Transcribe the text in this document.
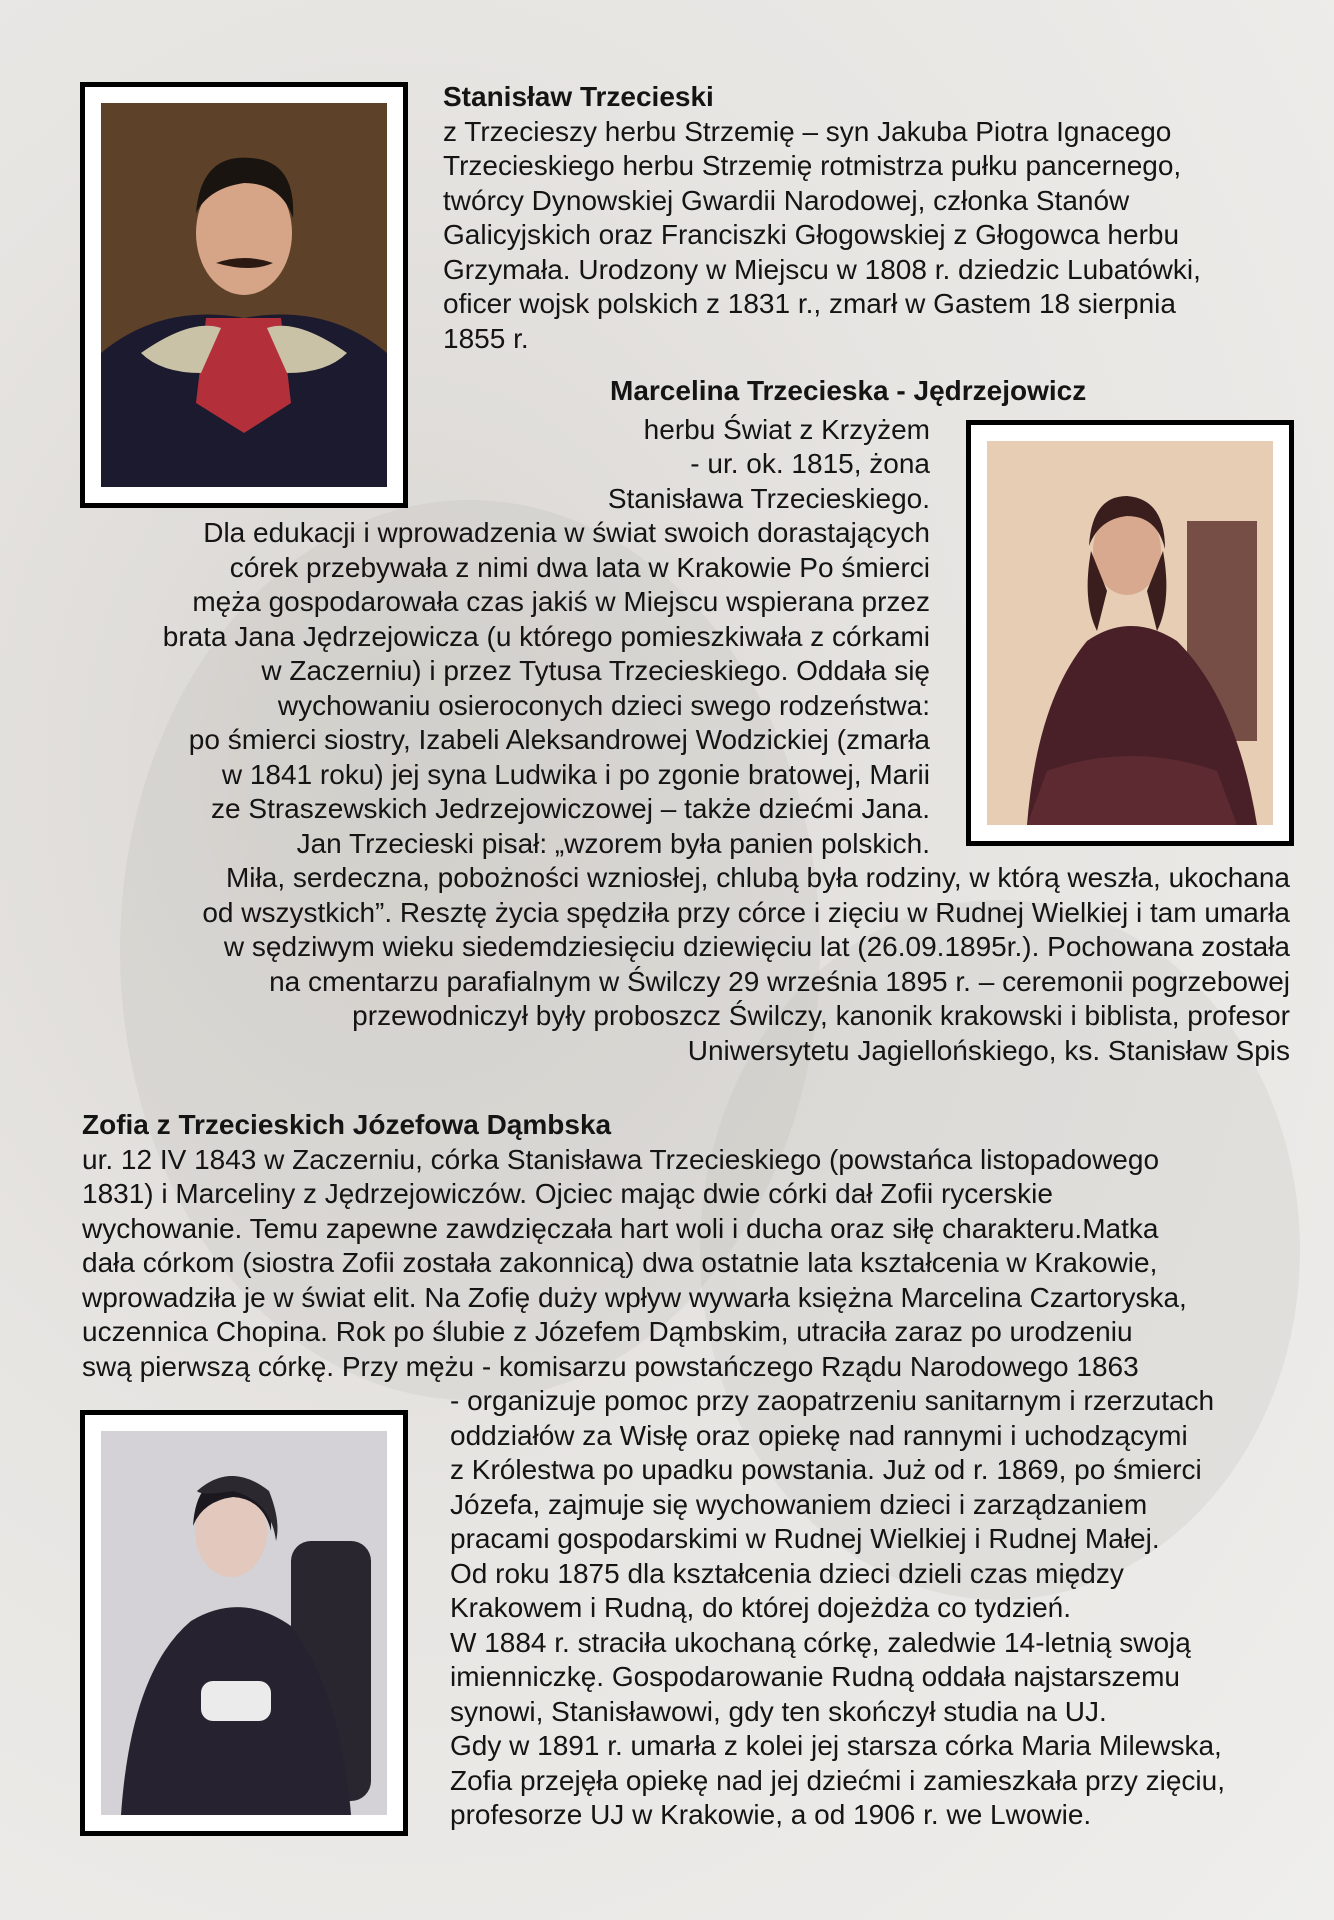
Stanisław Trzecieski
z Trzecieszy herbu Strzemię – syn Jakuba Piotra Ignacego
Trzecieskiego herbu Strzemię rotmistrza pułku pancernego,
twórcy Dynowskiej Gwardii Narodowej, członka Stanów
Galicyjskich oraz Franciszki Głogowskiej z Głogowca herbu
Grzymała. Urodzony w Miejscu w 1808 r. dziedzic Lubatówki,
oficer wojsk polskich z 1831 r., zmarł w Gastem 18 sierpnia
1855 r.
Marcelina Trzecieska - Jędrzejowicz
herbu Świat z Krzyżem
- ur. ok. 1815, żona
Stanisława Trzecieskiego.
Dla edukacji i wprowadzenia w świat swoich dorastających
córek przebywała z nimi dwa lata w Krakowie Po śmierci
męża gospodarowała czas jakiś w Miejscu wspierana przez
brata Jana Jędrzejowicza (u którego pomieszkiwała z córkami
w Zaczerniu) i przez Tytusa Trzecieskiego. Oddała się
wychowaniu osieroconych dzieci swego rodzeństwa:
po śmierci siostry, Izabeli Aleksandrowej Wodzickiej (zmarła
w 1841 roku) jej syna Ludwika i po zgonie bratowej, Marii
ze Straszewskich Jedrzejowiczowej – także dziećmi Jana.
Jan Trzecieski pisał: „wzorem była panien polskich.
Miła, serdeczna, pobożności wzniosłej, chlubą była rodziny, w którą weszła, ukochana
od wszystkich”. Resztę życia spędziła przy córce i zięciu w Rudnej Wielkiej i tam umarła
w sędziwym wieku siedemdziesięciu dziewięciu lat (26.09.1895r.). Pochowana została
na cmentarzu parafialnym w Świlczy 29 września 1895 r. – ceremonii pogrzebowej
przewodniczył były proboszcz Świlczy, kanonik krakowski i biblista, profesor
Uniwersytetu Jagiellońskiego, ks. Stanisław Spis
Zofia z Trzecieskich Józefowa Dąmbska
ur. 12 IV 1843 w Zaczerniu, córka Stanisława Trzecieskiego (powstańca listopadowego
1831) i Marceliny z Jędrzejowiczów. Ojciec mając dwie córki dał Zofii rycerskie
wychowanie. Temu zapewne zawdzięczała hart woli i ducha oraz siłę charakteru.Matka
dała córkom (siostra Zofii została zakonnicą) dwa ostatnie lata kształcenia w Krakowie,
wprowadziła je w świat elit. Na Zofię duży wpływ wywarła księżna Marcelina Czartoryska,
uczennica Chopina. Rok po ślubie z Józefem Dąmbskim, utraciła zaraz po urodzeniu
swą pierwszą córkę. Przy mężu - komisarzu powstańczego Rządu Narodowego 1863
- organizuje pomoc przy zaopatrzeniu sanitarnym i rzerzutach
oddziałów za Wisłę oraz opiekę nad rannymi i uchodzącymi
z Królestwa po upadku powstania. Już od r. 1869, po śmierci
Józefa, zajmuje się wychowaniem dzieci i zarządzaniem
pracami gospodarskimi w Rudnej Wielkiej i Rudnej Małej.
Od roku 1875 dla kształcenia dzieci dzieli czas między
Krakowem i Rudną, do której dojeżdża co tydzień.
W 1884 r. straciła ukochaną córkę, zaledwie 14-letnią swoją
imienniczkę. Gospodarowanie Rudną oddała najstarszemu
synowi, Stanisławowi, gdy ten skończył studia na UJ.
Gdy w 1891 r. umarła z kolei jej starsza córka Maria Milewska,
Zofia przejęła opiekę nad jej dziećmi i zamieszkała przy zięciu,
profesorze UJ w Krakowie, a od 1906 r. we Lwowie.
